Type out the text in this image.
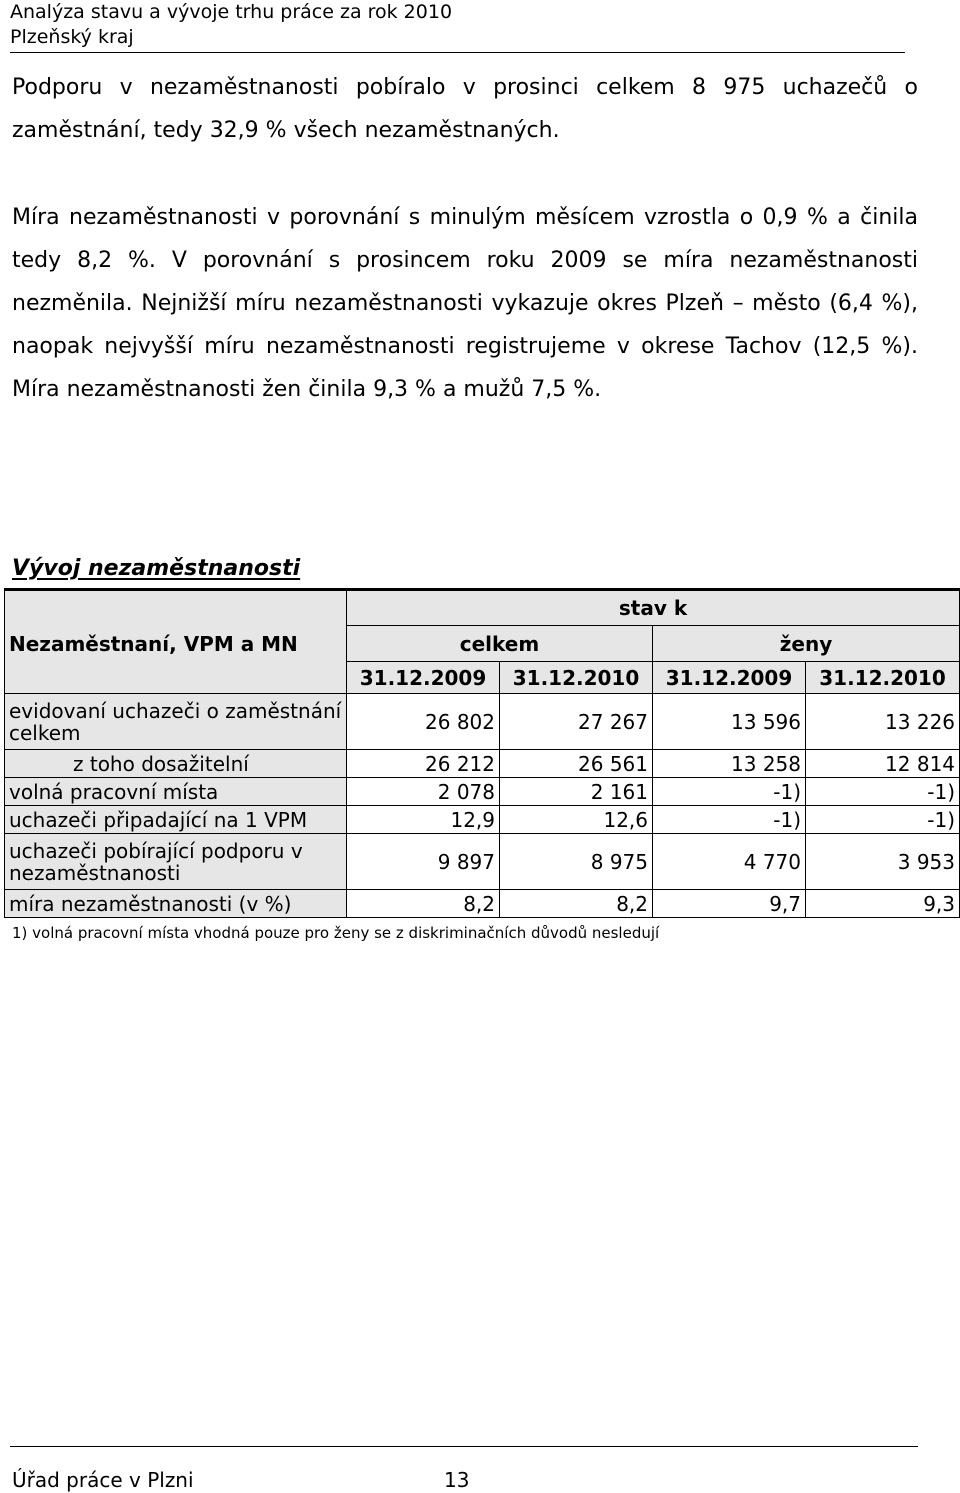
Analýza stavu a vývoje trhu práce za rok 2010
Plzeňský kraj
Podporu v nezaměstnanosti pobíralo v prosinci celkem 8 975 uchazečů o zaměstnání, tedy 32,9 % všech nezaměstnaných.
Míra nezaměstnanosti v porovnání s minulým měsícem vzrostla o 0,9 % a činila tedy 8,2 %. V porovnání s prosincem roku 2009 se míra nezaměstnanosti nezměnila. Nejnižší míru nezaměstnanosti vykazuje okres Plzeň – město (6,4 %), naopak nejvyšší míru nezaměstnanosti registrujeme v okrese Tachov (12,5 %). Míra nezaměstnanosti žen činila 9,3 % a mužů 7,5 %.
Vývoj nezaměstnanosti
	stav k			
Nezaměstnaní, VPM a MN	celkem		ženy	
	31.12.2009	31.12.2010	31.12.2009	31.12.2010
evidovaní uchazeči o zaměstnání celkem	26 802	27 267	13 596	13 226
z toho dosažitelní	26 212	26 561	13 258	12 814
volná pracovní místa	2 078	2 161	-1)	-1)
uchazeči připadající na 1 VPM	12,9	12,6	-1)	-1)
uchazeči pobírající podporu v nezaměstnanosti	9 897	8 975	4 770	3 953
míra nezaměstnanosti (v %)	8,2	8,2	9,7	9,3
1) volná pracovní místa vhodná pouze pro ženy se z diskriminačních důvodů nesledují
Úřad práce v Plzni	13
